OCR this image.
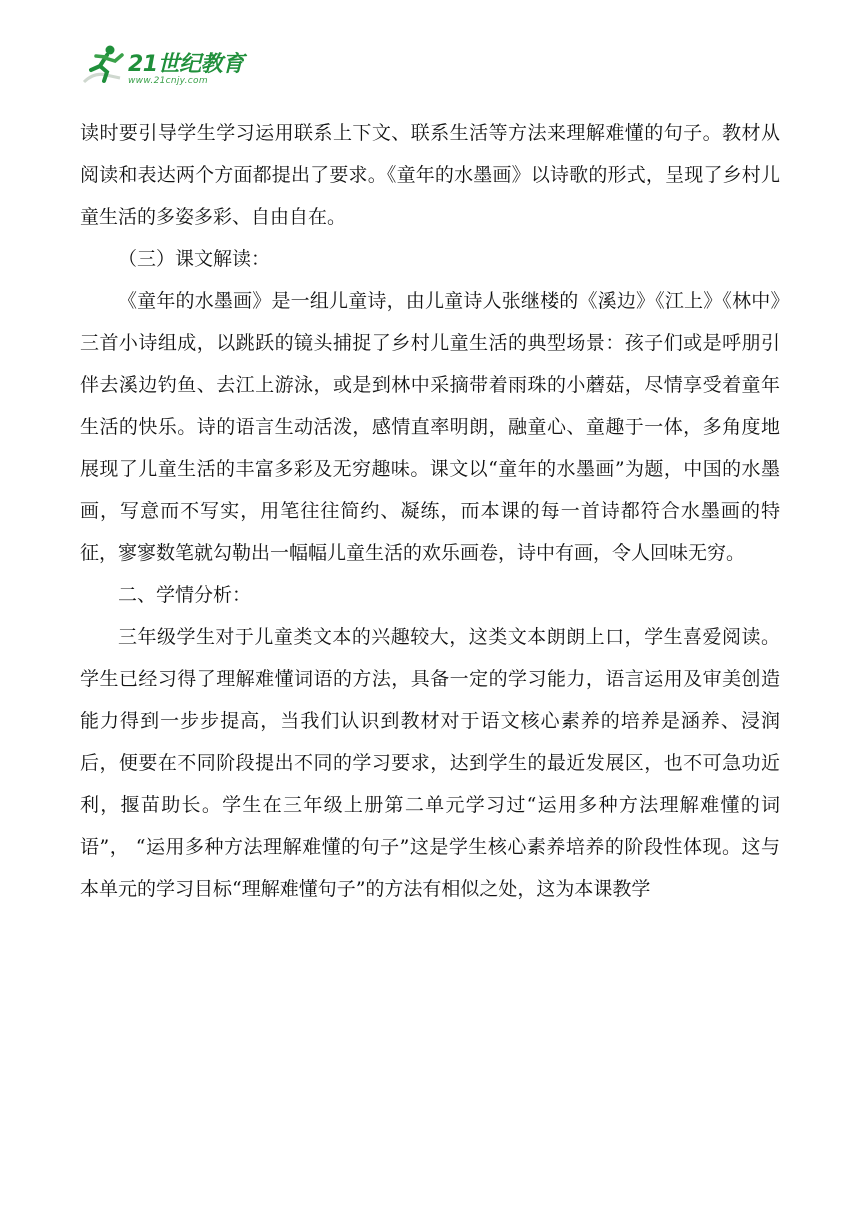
21世纪教育
www.21cnjy.com

读时要引导学生学习运用联系上下文、联系生活等方法来理解难懂的句子。教材从阅读和表达两个方面都提出了要求。《童年的水墨画》以诗歌的形式，呈现了乡村儿童生活的多姿多彩、自由自在。

（三）课文解读：

《童年的水墨画》是一组儿童诗，由儿童诗人张继楼的《溪边》《江上》《林中》三首小诗组成，以跳跃的镜头捕捉了乡村儿童生活的典型场景：孩子们或是呼朋引伴去溪边钓鱼、去江上游泳，或是到林中采摘带着雨珠的小蘑菇，尽情享受着童年生活的快乐。诗的语言生动活泼，感情直率明朗，融童心、童趣于一体，多角度地展现了儿童生活的丰富多彩及无穷趣味。课文以“童年的水墨画”为题，中国的水墨画，写意而不写实，用笔往往简约、凝练，而本课的每一首诗都符合水墨画的特征，寥寥数笔就勾勒出一幅幅儿童生活的欢乐画卷，诗中有画，令人回味无穷。

二、学情分析：

三年级学生对于儿童类文本的兴趣较大，这类文本朗朗上口，学生喜爱阅读。学生已经习得了理解难懂词语的方法，具备一定的学习能力，语言运用及审美创造能力得到一步步提高，当我们认识到教材对于语文核心素养的培养是涵养、浸润后，便要在不同阶段提出不同的学习要求，达到学生的最近发展区，也不可急功近利，揠苗助长。学生在三年级上册第二单元学习过“运用多种方法理解难懂的词语”， “运用多种方法理解难懂的句子”这是学生核心素养培养的阶段性体现。这与本单元的学习目标“理解难懂句子”的方法有相似之处，这为本课教学
